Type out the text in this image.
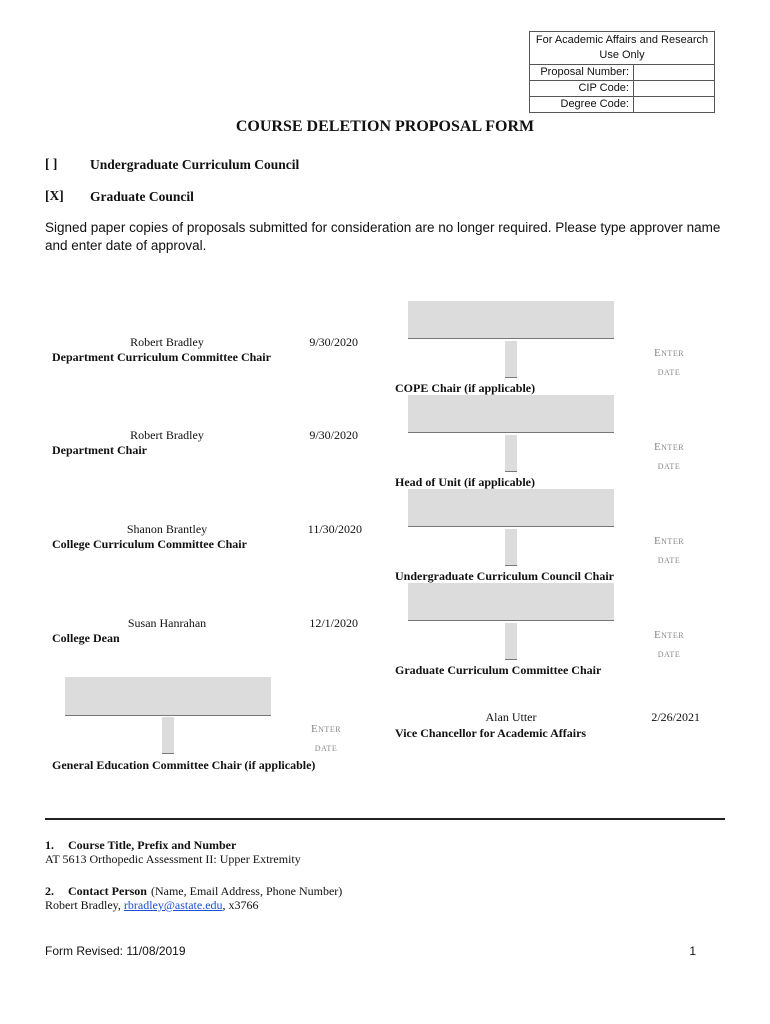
For Academic Affairs and Research Use Only
Proposal Number:
CIP Code:
Degree Code:
COURSE DELETION PROPOSAL FORM
[ ] Undergraduate Curriculum Council
[X] Graduate Council
Signed paper copies of proposals submitted for consideration are no longer required. Please type approver name and enter date of approval.
Robert Bradley	9/30/2020
Department Curriculum Committee Chair
Robert Bradley	9/30/2020
Department Chair
Shanon Brantley	11/30/2020
College Curriculum Committee Chair
Susan Hanrahan	12/1/2020
College Dean
Enter date
COPE Chair (if applicable)
Enter date
Head of Unit (if applicable)
Enter date
Undergraduate Curriculum Council Chair
Enter date
Graduate Curriculum Committee Chair
Enter date
General Education Committee Chair (if applicable)
Alan Utter	2/26/2021
Vice Chancellor for Academic Affairs
1. Course Title, Prefix and Number
AT 5613 Orthopedic Assessment II: Upper Extremity
2. Contact Person (Name, Email Address, Phone Number)
Robert Bradley, rbradley@astate.edu, x3766
Form Revised: 11/08/2019	1
